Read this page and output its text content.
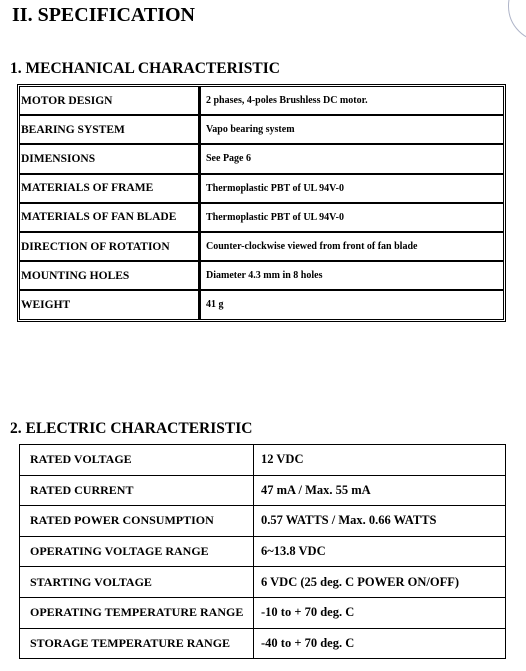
II. SPECIFICATION
1. MECHANICAL CHARACTERISTIC
MOTOR DESIGN	2 phases, 4-poles Brushless DC motor.
BEARING SYSTEM	Vapo bearing system
DIMENSIONS	See Page 6
MATERIALS OF FRAME	Thermoplastic PBT of UL 94V-0
MATERIALS OF FAN BLADE	Thermoplastic PBT of UL 94V-0
DIRECTION OF ROTATION	Counter-clockwise viewed from front of fan blade
MOUNTING HOLES	Diameter 4.3 mm in 8 holes
WEIGHT	41 g
2. ELECTRIC CHARACTERISTIC
RATED VOLTAGE	12 VDC
RATED CURRENT	47 mA / Max. 55 mA
RATED POWER CONSUMPTION	0.57 WATTS / Max. 0.66 WATTS
OPERATING VOLTAGE RANGE	6~13.8 VDC
STARTING VOLTAGE	6 VDC (25 deg. C POWER ON/OFF)
OPERATING TEMPERATURE RANGE	-10 to + 70 deg. C
STORAGE TEMPERATURE RANGE	-40 to + 70 deg. C
